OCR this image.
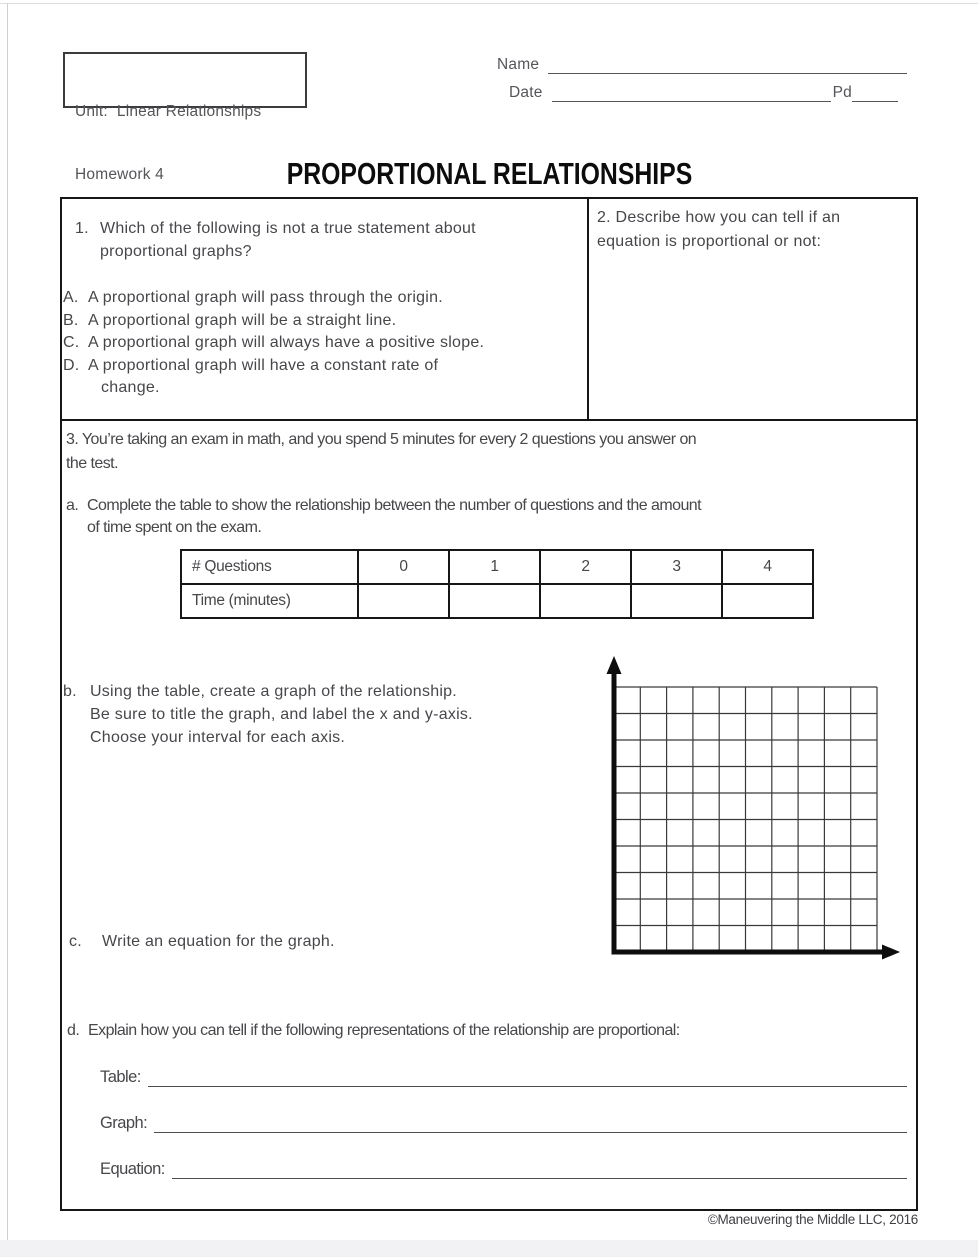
Unit:  Linear Relationships

Homework 4

Name
Date	Pd
PROPORTIONAL RELATIONSHIPS
1. Which of the following is not a true statement about
proportional graphs?
A. A proportional graph will pass through the origin.
B. A proportional graph will be a straight line.
C. A proportional graph will always have a positive slope.
D. A proportional graph will have a constant rate of
change.
2. Describe how you can tell if an
equation is proportional or not:
3. You’re taking an exam in math, and you spend 5 minutes for every 2 questions you answer on
the test.
a. Complete the table to show the relationship between the number of questions and the amount
of time spent on the exam.
# Questions	0	1	2	3	4
Time (minutes)					
b. Using the table, create a graph of the relationship.
Be sure to title the graph, and label the x and y-axis.
Choose your interval for each axis.
c.	Write an equation for the graph.
d. Explain how you can tell if the following representations of the relationship are proportional:
Table:
Graph:
Equation:
©Maneuvering the Middle LLC, 2016
